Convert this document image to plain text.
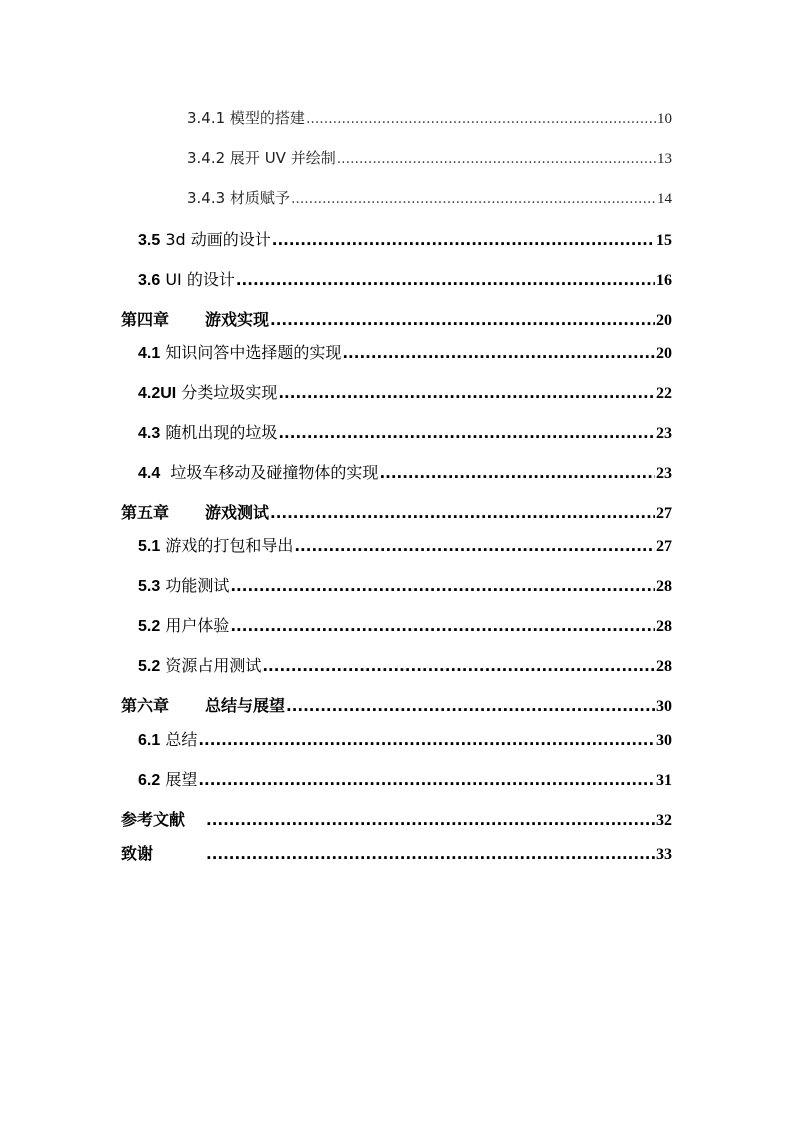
3.4.1 模型的搭建 .....	10
3.4.2 展开 UV 并绘制 .....	13
3.4.3 材质赋予 .....	14
3.5 3d 动画的设计 .....	15
3.6 UI 的设计 .....	16
第四章 游戏实现 .....	20
4.1 知识问答中选择题的实现 .....	20
4.2UI 分类垃圾实现 .....	22
4.3 随机出现的垃圾 .....	23
4.4  垃圾车移动及碰撞物体的实现 .....	23
第五章 游戏测试 .....	27
5.1 游戏的打包和导出 .....	27
5.3 功能测试 .....	28
5.2 用户体验 .....	28
5.2 资源占用测试 .....	28
第六章 总结与展望 .....	30
6.1 总结 .....	30
6.2 展望 .....	31
参考文献 .....	32
致谢 .....	33
